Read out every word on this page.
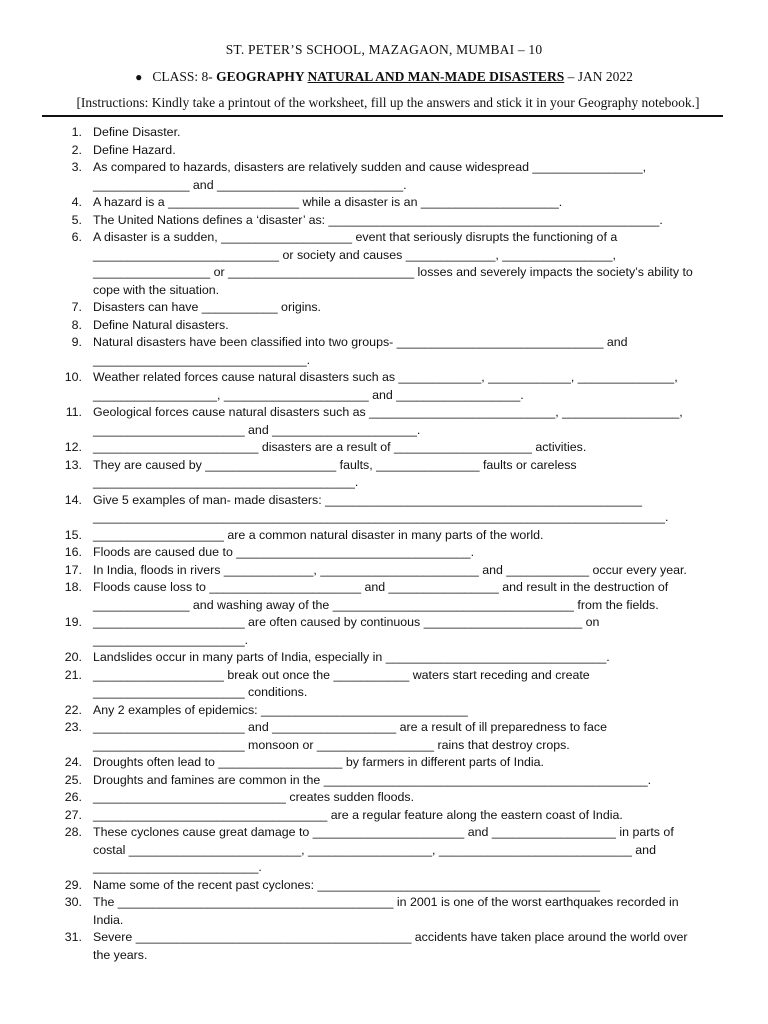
ST. PETER’S SCHOOL, MAZAGAON, MUMBAI – 10
● CLASS: 8- GEOGRAPHY NATURAL AND MAN-MADE DISASTERS – JAN 2022
[Instructions: Kindly take a printout of the worksheet, fill up the answers and stick it in your Geography notebook.]
1. Define Disaster.
2. Define Hazard.
3. As compared to hazards, disasters are relatively sudden and cause widespread ________________,
______________ and ___________________________.
4. A hazard is a ___________________ while a disaster is an ____________________.
5. The United Nations defines a ‘disaster’ as: ________________________________________________.
6. A disaster is a sudden, ___________________ event that seriously disrupts the functioning of a
___________________________ or society and causes _____________, ________________,
_________________ or ___________________________ losses and severely impacts the society’s ability to
cope with the situation.
7. Disasters can have ___________ origins.
8. Define Natural disasters.
9. Natural disasters have been classified into two groups- ______________________________ and
_______________________________.
10. Weather related forces cause natural disasters such as ____________, ____________, ______________,
__________________, _____________________ and __________________.
11. Geological forces cause natural disasters such as ___________________________, _________________,
______________________ and _____________________.
12. ________________________ disasters are a result of ____________________ activities.
13. They are caused by ___________________ faults, _______________ faults or careless
______________________________________.
14. Give 5 examples of man- made disasters: ______________________________________________
___________________________________________________________________________________.
15. ___________________ are a common natural disaster in many parts of the world.
16. Floods are caused due to __________________________________.
17. In India, floods in rivers _____________, _______________________ and ____________ occur every year.
18. Floods cause loss to ______________________ and ________________ and result in the destruction of
______________ and washing away of the ___________________________________ from the fields.
19. ______________________ are often caused by continuous _______________________ on
______________________.
20. Landslides occur in many parts of India, especially in ________________________________.
21. ___________________ break out once the ___________ waters start receding and create
______________________ conditions.
22. Any 2 examples of epidemics: ______________________________
23. ______________________ and __________________ are a result of ill preparedness to face
______________________ monsoon or _________________ rains that destroy crops.
24. Droughts often lead to __________________ by farmers in different parts of India.
25. Droughts and famines are common in the _______________________________________________.
26. ____________________________ creates sudden floods.
27. __________________________________ are a regular feature along the eastern coast of India.
28. These cyclones cause great damage to ______________________ and __________________ in parts of
costal _________________________, __________________, ____________________________ and
________________________.
29. Name some of the recent past cyclones: _________________________________________
30. The ________________________________________ in 2001 is one of the worst earthquakes recorded in
India.
31. Severe ________________________________________ accidents have taken place around the world over
the years.
